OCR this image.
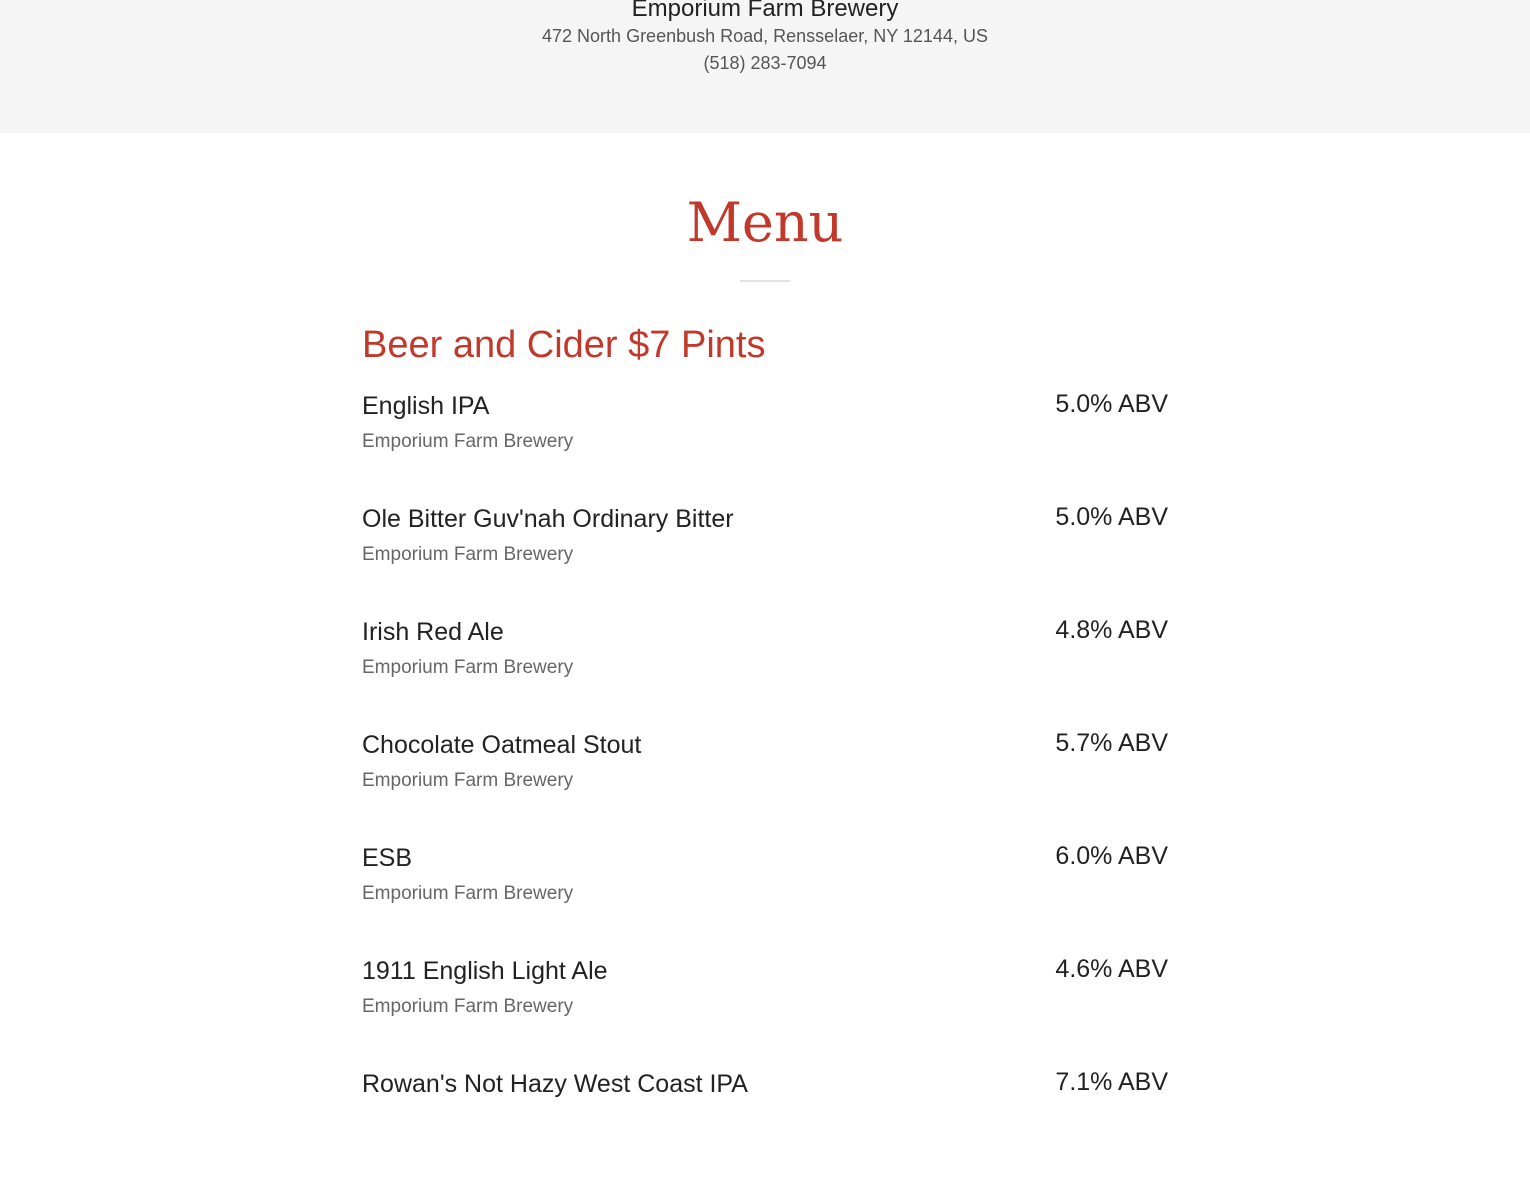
Emporium Farm Brewery
472 North Greenbush Road, Rensselaer, NY 12144, US
(518) 283-7094
Menu
Beer and Cider $7 Pints
English IPA
Emporium Farm Brewery
5.0% ABV
Ole Bitter Guv'nah Ordinary Bitter
Emporium Farm Brewery
5.0% ABV
Irish Red Ale
Emporium Farm Brewery
4.8% ABV
Chocolate Oatmeal Stout
Emporium Farm Brewery
5.7% ABV
ESB
Emporium Farm Brewery
6.0% ABV
1911 English Light Ale
Emporium Farm Brewery
4.6% ABV
Rowan's Not Hazy West Coast IPA	7.1% ABV
